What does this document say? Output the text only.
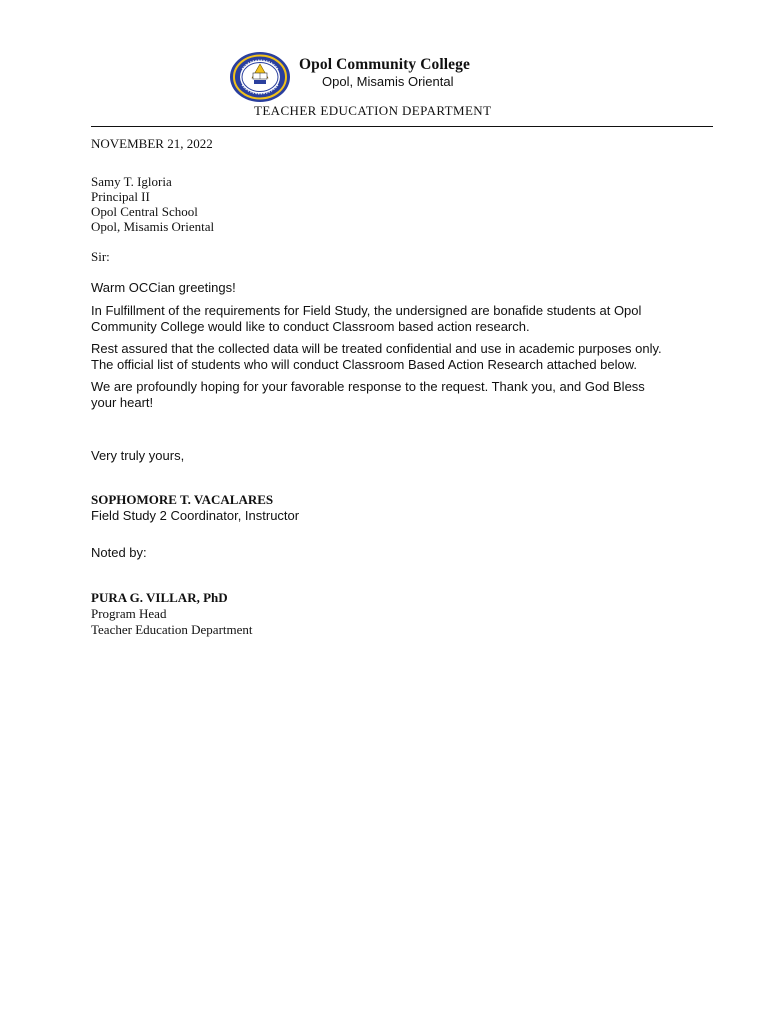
Opol Community College
Opol, Misamis Oriental
TEACHER EDUCATION DEPARTMENT
NOVEMBER 21, 2022
Samy T. Igloria
Principal II
Opol Central School
Opol, Misamis Oriental
Sir:
Warm OCCian greetings!
In Fulfillment of the requirements for Field Study, the undersigned are bonafide students at Opol
Community College would like to conduct Classroom based action research.
Rest assured that the collected data will be treated confidential and use in academic purposes only.
The official list of students who will conduct Classroom Based Action Research attached below.
We are profoundly hoping for your favorable response to the request. Thank you, and God Bless
your heart!
Very truly yours,
SOPHOMORE T. VACALARES
Field Study 2 Coordinator, Instructor
Noted by:
PURA G. VILLAR, PhD
Program Head
Teacher Education Department
